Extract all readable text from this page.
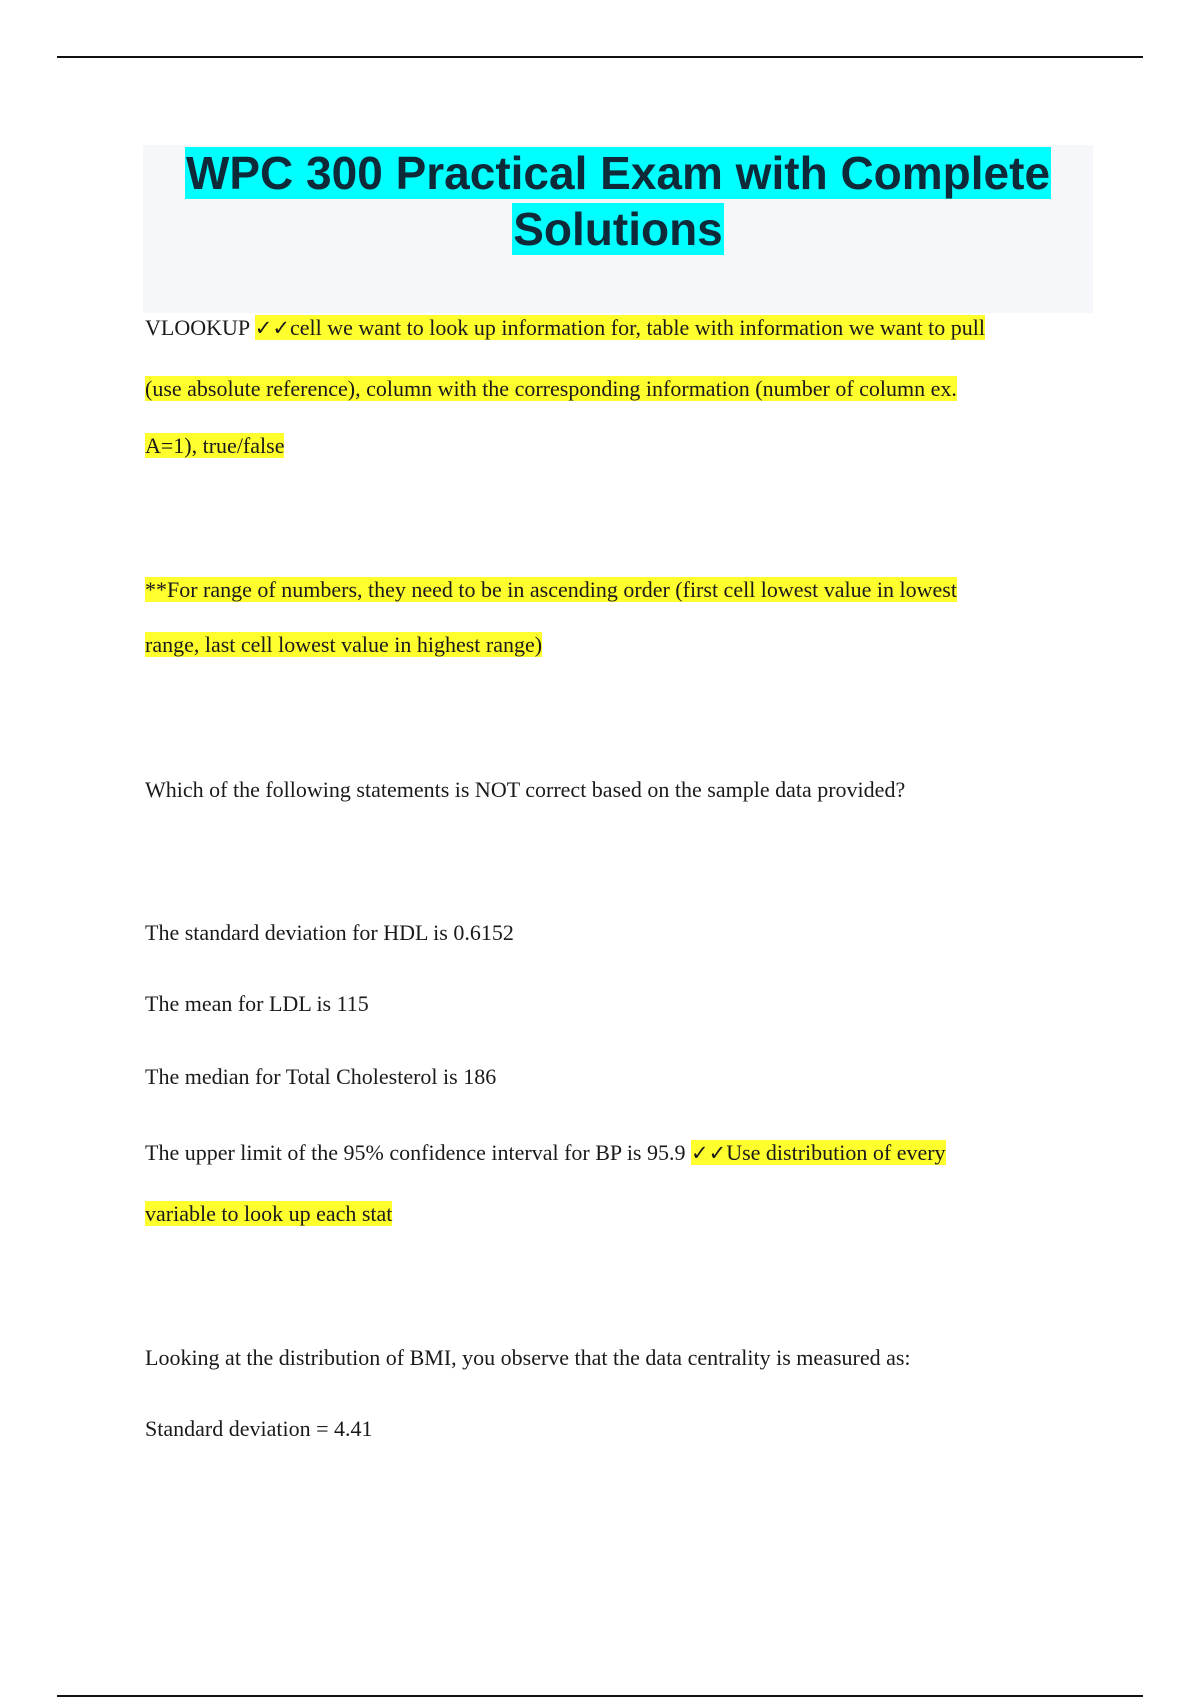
WPC 300 Practical Exam with Complete
Solutions

VLOOKUP ✓✓cell we want to look up information for, table with information we want to pull

(use absolute reference), column with the corresponding information (number of column ex.

A=1), true/false

**For range of numbers, they need to be in ascending order (first cell lowest value in lowest

range, last cell lowest value in highest range)

Which of the following statements is NOT correct based on the sample data provided?

The standard deviation for HDL is 0.6152

The mean for LDL is 115

The median for Total Cholesterol is 186

The upper limit of the 95% confidence interval for BP is 95.9 ✓✓Use distribution of every

variable to look up each stat

Looking at the distribution of BMI, you observe that the data centrality is measured as:

Standard deviation = 4.41
